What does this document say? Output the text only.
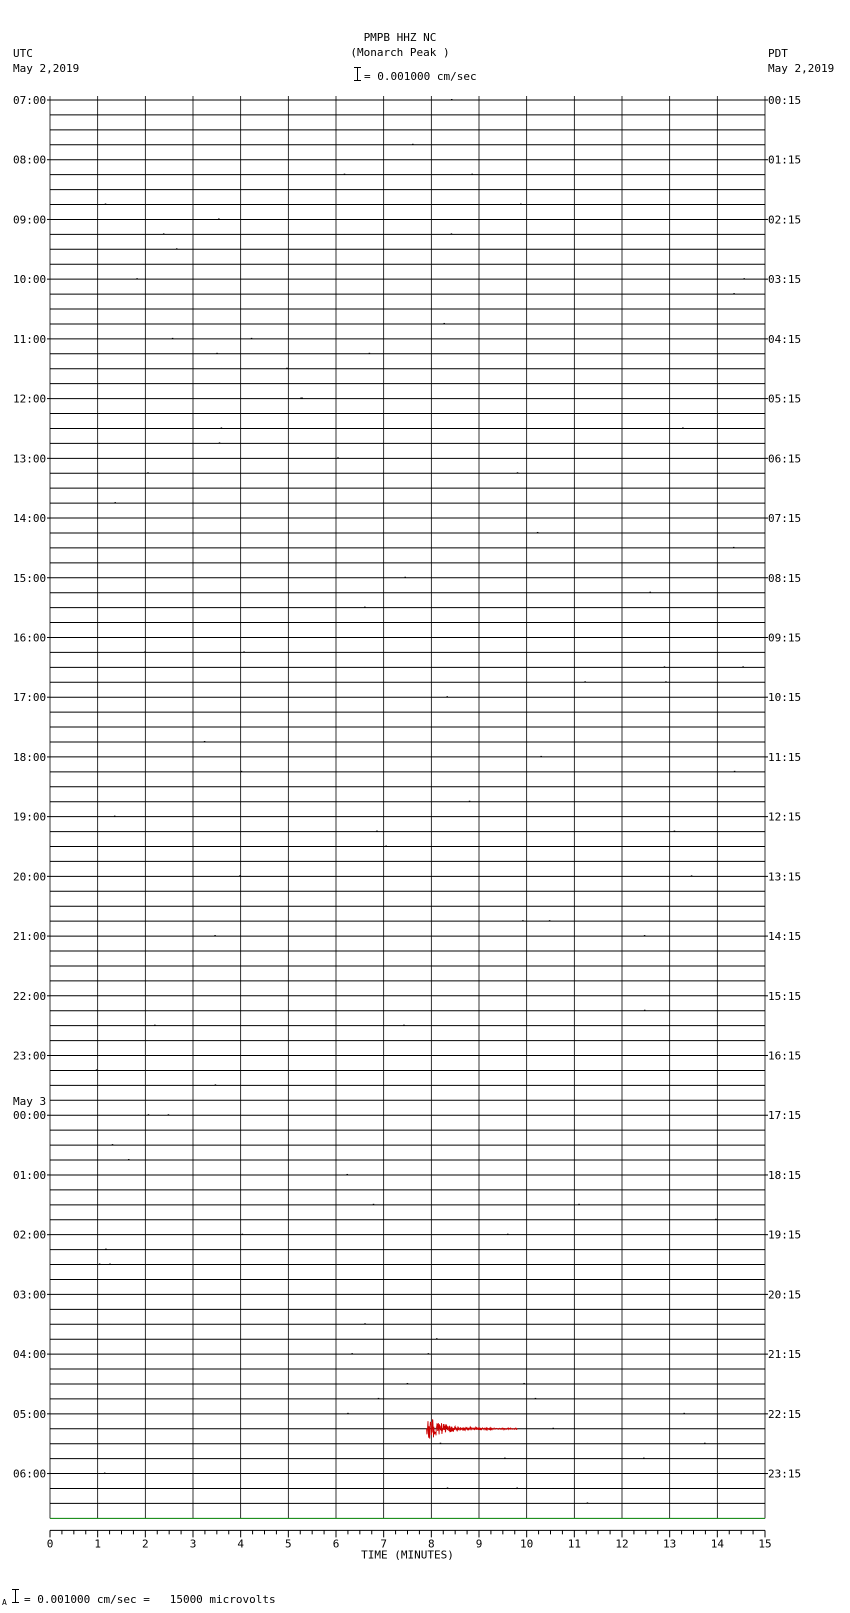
PMPB HHZ NC
(Monarch Peak )
= 0.001000 cm/sec
UTC
May 2,2019
PDT
May 2,2019
07:00	00:15
08:00	01:15
09:00	02:15
10:00	03:15
11:00	04:15
12:00	05:15
13:00	06:15
14:00	07:15
15:00	08:15
16:00	09:15
17:00	10:15
18:00	11:15
19:00	12:15
20:00	13:15
21:00	14:15
22:00	15:15
23:00	16:15
00:00	17:15
May 3
01:00	18:15
02:00	19:15
03:00	20:15
04:00	21:15
05:00	22:15
06:00	23:15
0	1	2	3	4	5	6	7	8	9	10	11	12	13	14	15
TIME (MINUTES)
A = 0.001000 cm/sec =   15000 microvolts
